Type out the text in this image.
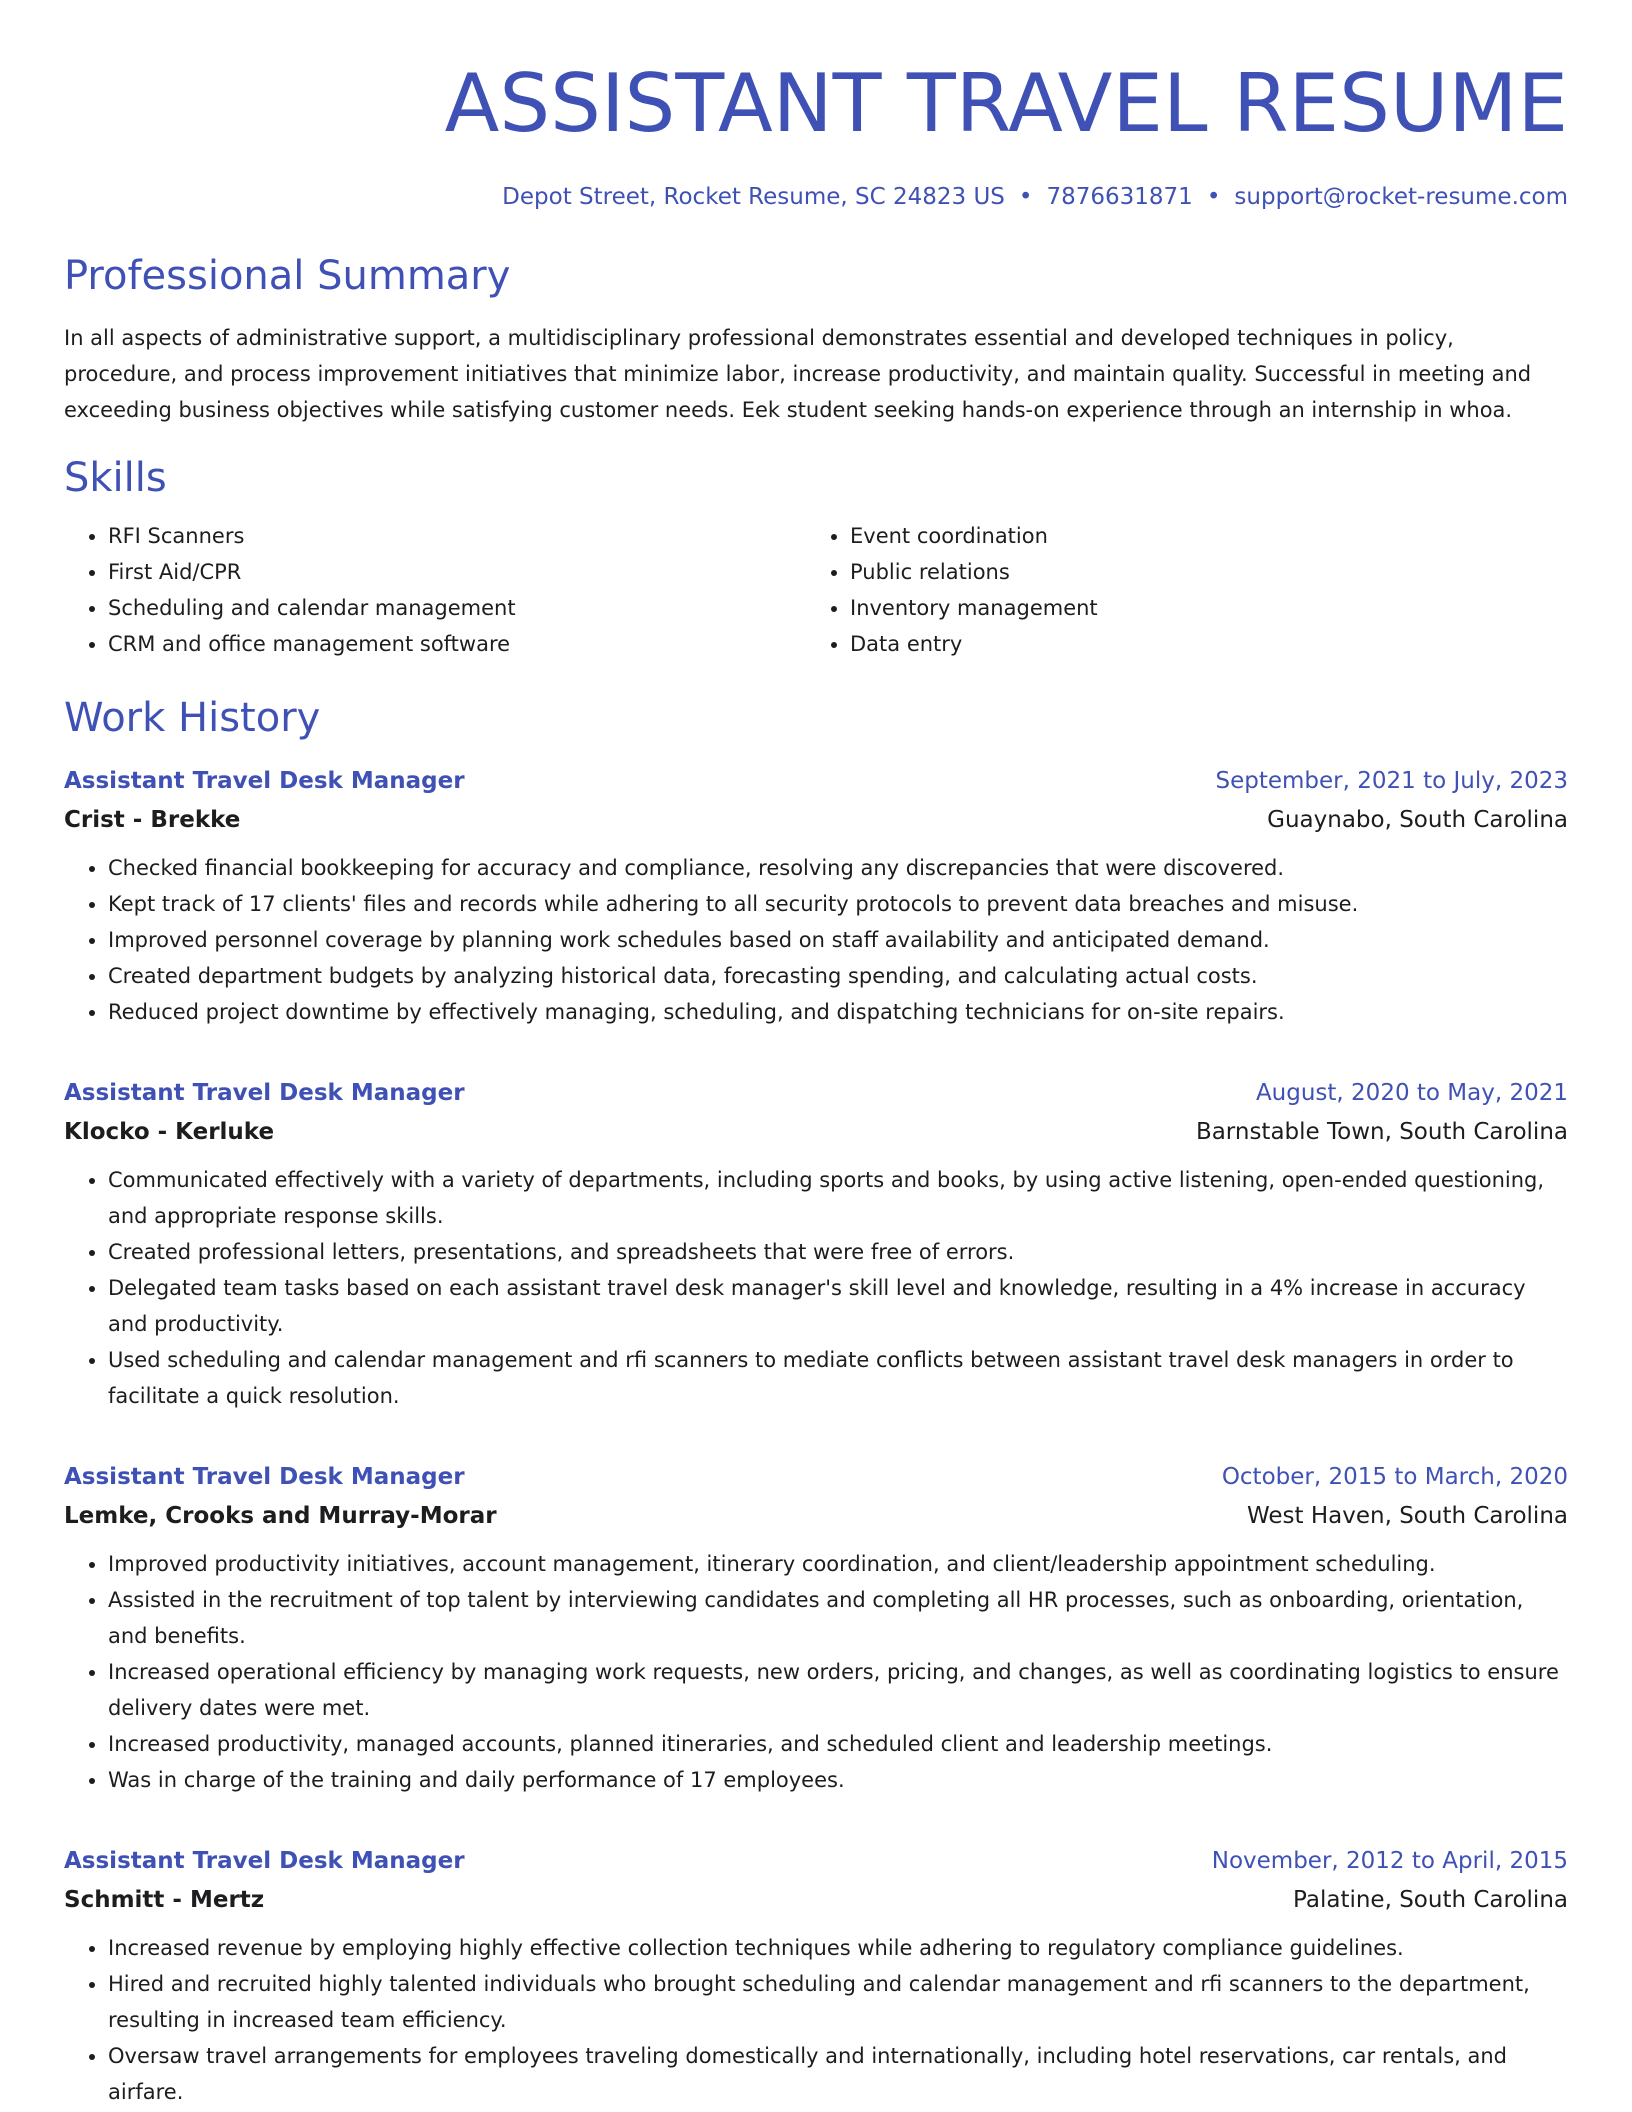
ASSISTANT TRAVEL RESUME
Depot Street, Rocket Resume, SC 24823 US • 7876631871 • support@rocket-resume.com
Professional Summary
In all aspects of administrative support, a multidisciplinary professional demonstrates essential and developed techniques in policy, procedure, and process improvement initiatives that minimize labor, increase productivity, and maintain quality. Successful in meeting and exceeding business objectives while satisfying customer needs. Eek student seeking hands-on experience through an internship in whoa.
Skills
• RFI Scanners
• First Aid/CPR
• Scheduling and calendar management
• CRM and office management software
• Event coordination
• Public relations
• Inventory management
• Data entry
Work History
Assistant Travel Desk Manager	September, 2021 to July, 2023
Crist - Brekke	Guaynabo, South Carolina
• Checked financial bookkeeping for accuracy and compliance, resolving any discrepancies that were discovered.
• Kept track of 17 clients' files and records while adhering to all security protocols to prevent data breaches and misuse.
• Improved personnel coverage by planning work schedules based on staff availability and anticipated demand.
• Created department budgets by analyzing historical data, forecasting spending, and calculating actual costs.
• Reduced project downtime by effectively managing, scheduling, and dispatching technicians for on-site repairs.
Assistant Travel Desk Manager	August, 2020 to May, 2021
Klocko - Kerluke	Barnstable Town, South Carolina
• Communicated effectively with a variety of departments, including sports and books, by using active listening, open-ended questioning, and appropriate response skills.
• Created professional letters, presentations, and spreadsheets that were free of errors.
• Delegated team tasks based on each assistant travel desk manager's skill level and knowledge, resulting in a 4% increase in accuracy and productivity.
• Used scheduling and calendar management and rfi scanners to mediate conflicts between assistant travel desk managers in order to facilitate a quick resolution.
Assistant Travel Desk Manager	October, 2015 to March, 2020
Lemke, Crooks and Murray-Morar	West Haven, South Carolina
• Improved productivity initiatives, account management, itinerary coordination, and client/leadership appointment scheduling.
• Assisted in the recruitment of top talent by interviewing candidates and completing all HR processes, such as onboarding, orientation, and benefits.
• Increased operational efficiency by managing work requests, new orders, pricing, and changes, as well as coordinating logistics to ensure delivery dates were met.
• Increased productivity, managed accounts, planned itineraries, and scheduled client and leadership meetings.
• Was in charge of the training and daily performance of 17 employees.
Assistant Travel Desk Manager	November, 2012 to April, 2015
Schmitt - Mertz	Palatine, South Carolina
• Increased revenue by employing highly effective collection techniques while adhering to regulatory compliance guidelines.
• Hired and recruited highly talented individuals who brought scheduling and calendar management and rfi scanners to the department, resulting in increased team efficiency.
• Oversaw travel arrangements for employees traveling domestically and internationally, including hotel reservations, car rentals, and airfare.
